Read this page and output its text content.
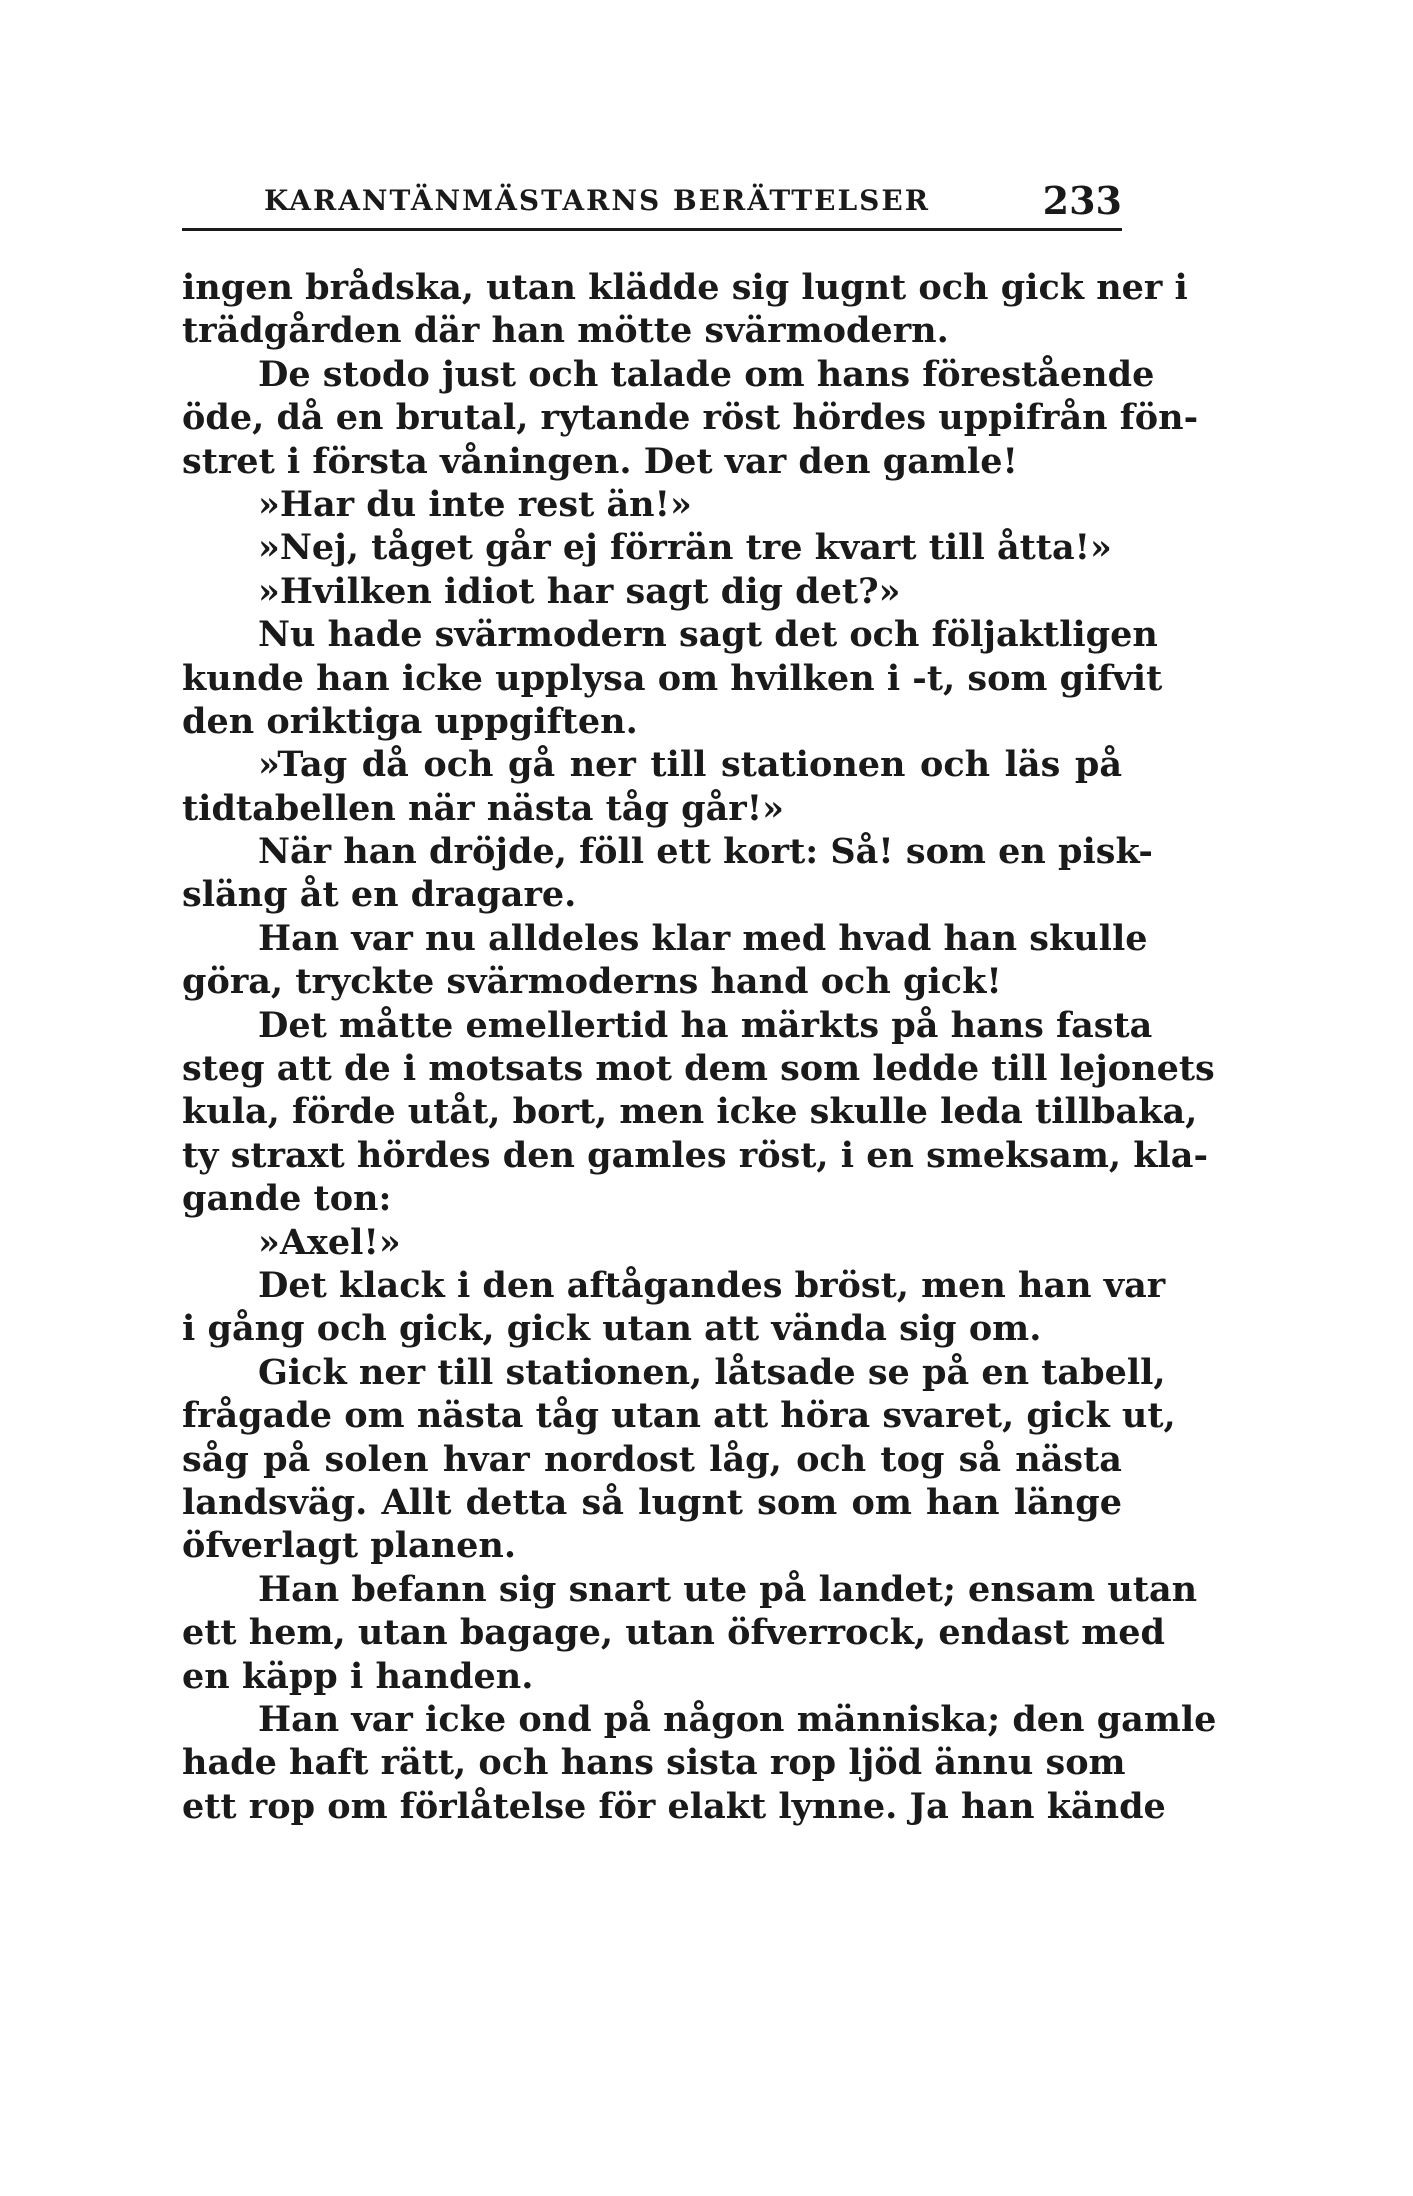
KARANTÄNMÄSTARNS BERÄTTELSER	233
ingen brådska, utan klädde sig lugnt och gick ner i
trädgården där han mötte svärmodern.
De stodo just och talade om hans förestående
öde, då en brutal, rytande röst hördes uppifrån fön-
stret i första våningen. Det var den gamle!
»Har du inte rest än!»
»Nej, tåget går ej förrän tre kvart till åtta!»
»Hvilken idiot har sagt dig det?»
Nu hade svärmodern sagt det och följaktligen
kunde han icke upplysa om hvilken i -t, som gifvit
den oriktiga uppgiften.
»Tag då och gå ner till stationen och läs på
tidtabellen när nästa tåg går!»
När han dröjde, föll ett kort: Så! som en pisk-
släng åt en dragare.
Han var nu alldeles klar med hvad han skulle
göra, tryckte svärmoderns hand och gick!
Det måtte emellertid ha märkts på hans fasta
steg att de i motsats mot dem som ledde till lejonets
kula, förde utåt, bort, men icke skulle leda tillbaka,
ty straxt hördes den gamles röst, i en smeksam, kla-
gande ton:
»Axel!»
Det klack i den aftågandes bröst, men han var
i gång och gick, gick utan att vända sig om.
Gick ner till stationen, låtsade se på en tabell,
frågade om nästa tåg utan att höra svaret, gick ut,
såg på solen hvar nordost låg, och tog så nästa
landsväg. Allt detta så lugnt som om han länge
öfverlagt planen.
Han befann sig snart ute på landet; ensam utan
ett hem, utan bagage, utan öfverrock, endast med
en käpp i handen.
Han var icke ond på någon människa; den gamle
hade haft rätt, och hans sista rop ljöd ännu som
ett rop om förlåtelse för elakt lynne. Ja han kände
